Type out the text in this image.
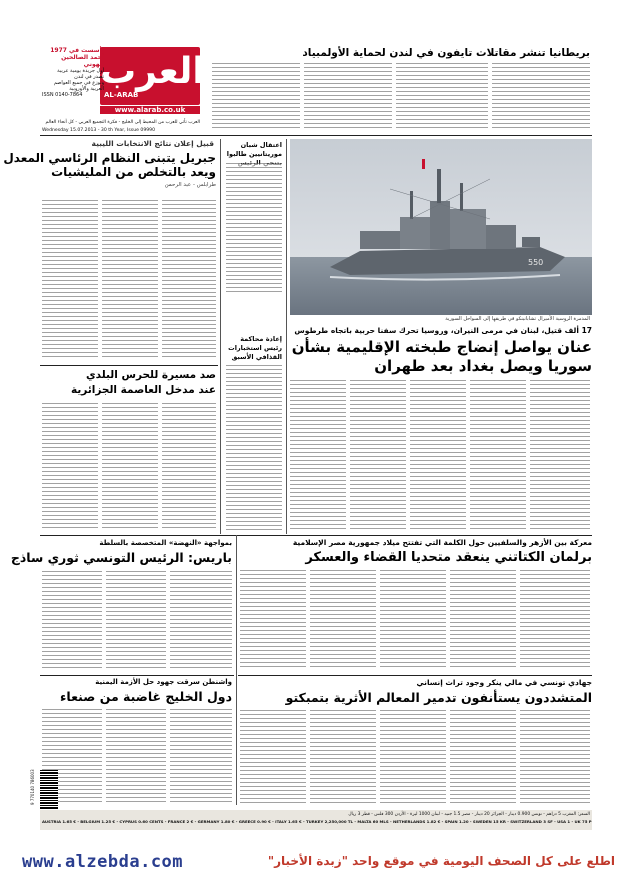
العرب
AL-ARAB
www.alarab.co.uk
العرب تأتي للعرب من المحيط إلى الخليج - فكرة التجميع العربي - كل أنحاء العالم
تأسست في 1977
أحمد الصالحين الهوني
أول جريدة يومية عربية
تصدر في لندن
وتوزع في جميع العواصم
العربية والأوروبية
ISSN 0140-7864
Wednesday 15.07.2013 - 30 th Year, Issue 09990
بريطانيا تنشر مقاتلات تايفون في لندن لحماية الأولمبياد
قبيل إعلان نتائج الانتخابات الليبية
جبريل يتبنى النظام الرئاسي المعدل
ويعد بالتخلص من المليشيات
طرابلس - عبد الرحمن
اعتقال شبان موريتانيين طالبوا
إعادة محاكمة رئيس استخبارات القذافي الأسبق
550
المدمرة الروسية الأميرال تشابانينكو في طريقها إلى السواحل السورية
17 ألف قتيل، لبنان في مرمى النيران، وروسيا تحرك سفنا حربية باتجاه طرطوس
عنان يواصل إنضاج طبخته الإقليمية بشأن
سوريا ويصل بغداد بعد طهران
صد مسيرة للحرس البلدي
عند مدخل العاصمة الجزائرية
معركة بين الأزهر والسلفيين حول الكلمة التي تفتتح ميلاد جمهورية مصر الإسلامية
برلمان الكتاتني ينعقد متحديا القضاء والعسكر
بمواجهة «النهضة» المتخصصة بالسلطة
باريس: الرئيس التونسي ثوري ساذج
واشنطن سرقت جهود حل الأزمة اليمنية
دول الخليج غاضبة من صنعاء
جهادي تونسي في مالي ينكر وجود تراث إنساني
المتشددون يستأنفون تدمير المعالم الأثرية بتمبكتو
9 770140 786003
السعر: المغرب 5 دراهم - تونس 0.900 دينار - الجزائر 20 دينار - مصر 1.5 جنيه - لبنان 1000 ليرة - الأردن 300 فلس - قطر 3 ريال
AUSTRIA 1.65 € - BELGIUM 1.25 € - CYPRUS 0.60 CENTS - FRANCE 2 € - GERMANY 1.80 € - GREECE 0.90 € - ITALY 1.65 € - TURKEY 2,250,000 TL - MALTA 60 MLS - NETHERLANDS 1.82 € - SPAIN 1.20 - SWEDEN 15 KR - SWITZERLAND 3 SF - USA 1 - UK 75 P
www.alzebda.com	اطلع على كل الصحف اليومية في موقع واحد "زبدة الأخبار"
